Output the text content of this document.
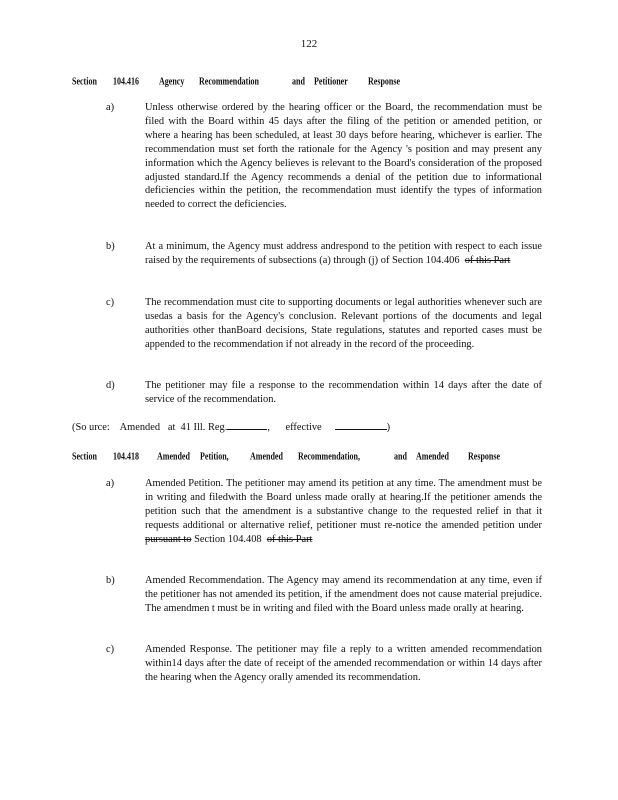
122
Section 104.416	Agency Recommendation	and Petitioner	Response
a)	Unless otherwise ordered by the hearing officer or the Board, the recommendation must be filed with the Board within 45 days after the filing of the petition or amended petition, or where a hearing has been scheduled, at least 30 days before hearing, whichever is earlier. The recommendation must set forth the rationale for the Agency 's position and may present any information which the Agency believes is relevant to the Board's consideration of the proposed adjusted standard.If the Agency recommends a denial of the petition due to informational deficiencies within the petition, the recommendation must identify the types of information needed to correct the deficiencies.
b)	At a minimum, the Agency must address andrespond to the petition with respect to each issue raised by the requirements of subsections (a) through (j) of Section 104.406 of this Part
c)	The recommendation must cite to supporting documents or legal authorities whenever such are usedas a basis for the Agency's conclusion. Relevant portions of the documents and legal authorities other thanBoard decisions, State regulations, statutes and reported cases must be appended to the recommendation if not already in the record of the proceeding.
d)	The petitioner may file a response to the recommendation within 14 days after the date of service of the recommendation.
(So urce: Amended at 41 Ill. Reg.	, effective	)
Section 104.418 Amended Petition,	Amended Recommendation,	and Amended Response
a)	Amended Petition. The petitioner may amend its petition at any time. The amendment must be in writing and filedwith the Board unless made orally at hearing.If the petitioner amends the petition such that the amendment is a substantive change to the requested relief in that it requests additional or alternative relief, petitioner must re-notice the amended petition under pursuant to Section 104.408 of this Part
b)	Amended Recommendation. The Agency may amend its recommendation at any time, even if the petitioner has not amended its petition, if the amendment does not cause material prejudice. The amendmen t must be in writing and filed with the Board unless made orally at hearing.
c)	Amended Response. The petitioner may file a reply to a written amended recommendation within14 days after the date of receipt of the amended recommendation or within 14 days after the hearing when the Agency orally amended its recommendation.
